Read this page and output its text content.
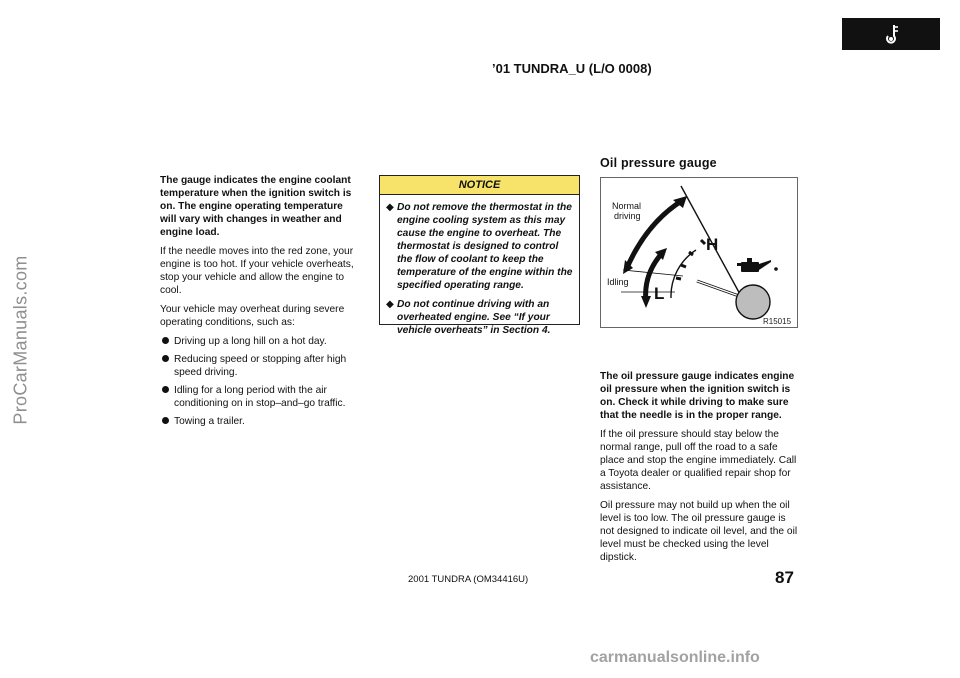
ProCarManuals.com
’01 TUNDRA_U (L/O 0008)

The gauge indicates the engine coolant temperature when the ignition switch is on. The engine operating temperature will vary with changes in weather and engine load.

If the needle moves into the red zone, your engine is too hot. If your vehicle overheats, stop your vehicle and allow the engine to cool.

Your vehicle may overheat during severe operating conditions, such as:

Driving up a long hill on a hot day.
Reducing speed or stopping after high speed driving.
Idling for a long period with the air conditioning on in stop–and–go traffic.
Towing a trailer.
NOTICE
◆ Do not remove the thermostat in the engine cooling system as this may cause the engine to overheat. The thermostat is designed to control the flow of coolant to keep the temperature of the engine within the specified operating range.
◆ Do not continue driving with an overheated engine. See “If your vehicle overheats” in Section 4.
Oil pressure gauge
Normal
driving
Idling
H
L
R15015

The oil pressure gauge indicates engine oil pressure when the ignition switch is on. Check it while driving to make sure that the needle is in the proper range.

If the oil pressure should stay below the normal range, pull off the road to a safe place and stop the engine immediately. Call a Toyota dealer or qualified repair shop for assistance.

Oil pressure may not build up when the oil level is too low. The oil pressure gauge is not designed to indicate oil level, and the oil level must be checked using the level dipstick.

2001 TUNDRA (OM34416U)	87
carmanualsonline.info
